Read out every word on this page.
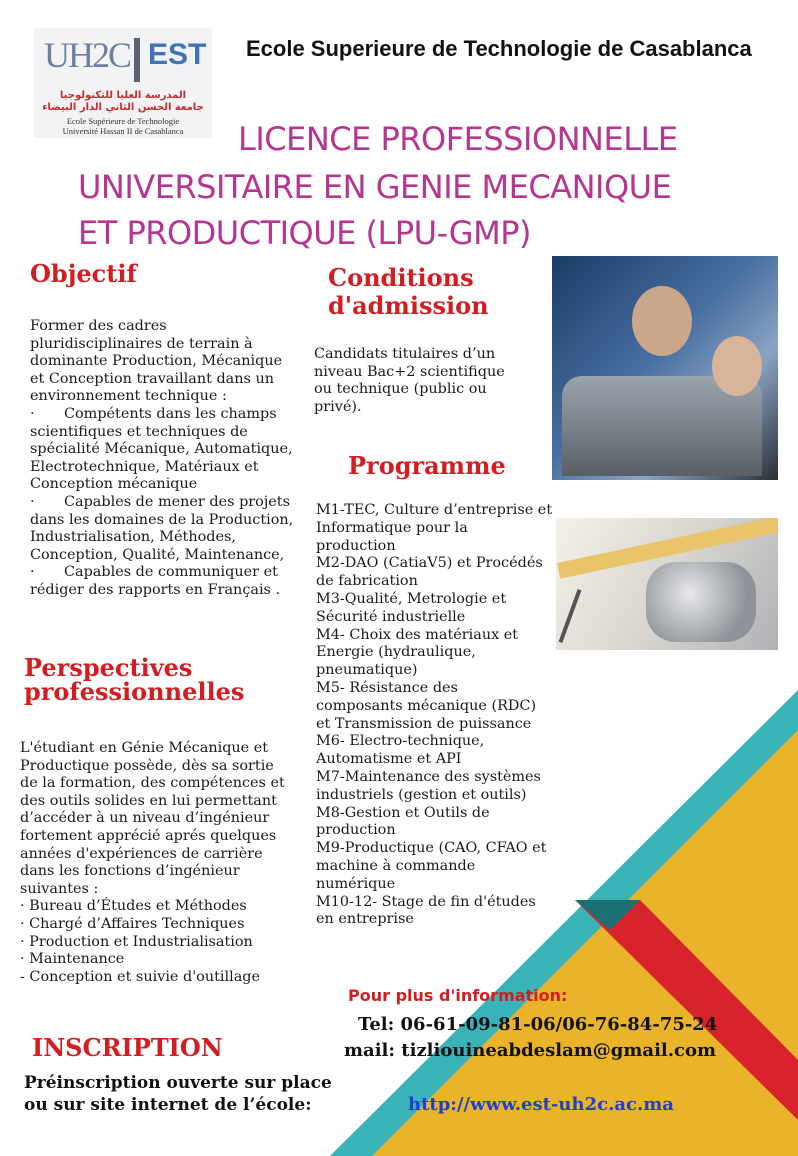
UH2C EST
المدرسة العليا للتكنولوجيا
جامعة الحسن الثاني الدار البيضاء
Ecole Supérieure de Technologie
Université Hassan II de Casablanca
Ecole Superieure de Technologie de Casablanca
LICENCE PROFESSIONNELLE
UNIVERSITAIRE EN GENIE MECANIQUE
ET PRODUCTIQUE (LPU-GMP)
Objectif
Former des cadres
pluridisciplinaires de terrain à
dominante Production, Mécanique
et Conception travaillant dans un
environnement technique :
· Compétents dans les champs
scientifiques et techniques de
spécialité Mécanique, Automatique,
Electrotechnique, Matériaux et
Conception mécanique
· Capables de mener des projets
dans les domaines de la Production,
Industrialisation, Méthodes,
Conception, Qualité, Maintenance,
· Capables de communiquer et
rédiger des rapports en Français .
Conditions
d'admission
Candidats titulaires d’un
niveau Bac+2 scientifique
ou technique (public ou
privé).
Programme
M1-TEC, Culture d’entreprise et
Informatique pour la
production
M2-DAO (CatiaV5) et Procédés
de fabrication
M3-Qualité, Metrologie et
Sécurité industrielle
M4- Choix des matériaux et
Energie (hydraulique,
pneumatique)
M5- Résistance des
composants mécanique (RDC)
et Transmission de puissance
M6- Electro-technique,
Automatisme et API
M7-Maintenance des systèmes
industriels (gestion et outils)
M8-Gestion et Outils de
production
M9-Productique (CAO, CFAO et
machine à commande
numérique
M10-12- Stage de fin d'études
en entreprise
Perspectives
professionnelles
L'étudiant en Génie Mécanique et
Productique possède, dès sa sortie
de la formation, des compétences et
des outils solides en lui permettant
d’accéder à un niveau d’ingénieur
fortement apprécié aprés quelques
années d'expériences de carrière
dans les fonctions d’ingénieur
suivantes :
· Bureau d’Études et Méthodes
· Chargé d’Affaires Techniques
· Production et Industrialisation
· Maintenance
- Conception et suivie d'outillage
Pour plus d'information:
Tel: 06-61-09-81-06/06-76-84-75-24
mail: tizliouineabdeslam@gmail.com
INSCRIPTION
Préinscription ouverte sur place
ou sur site internet de l’école:	http://www.est-uh2c.ac.ma
